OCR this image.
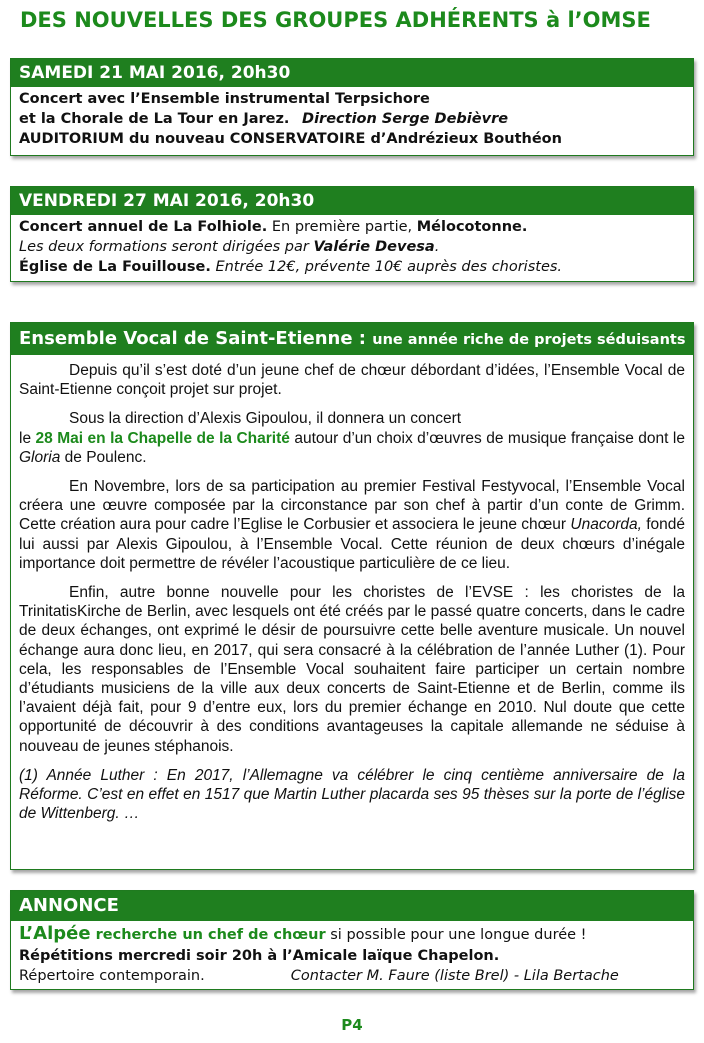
DES NOUVELLES DES GROUPES ADHÉRENTS à l’OMSE
SAMEDI 21 MAI 2016, 20h30
Concert avec l’Ensemble instrumental Terpsichore
et la Chorale de La Tour en Jarez. Direction Serge Debièvre
AUDITORIUM du nouveau CONSERVATOIRE d’Andrézieux Bouthéon
VENDREDI 27 MAI 2016, 20h30
Concert annuel de La Folhiole. En première partie, Mélocotonne.
Les deux formations seront dirigées par Valérie Devesa.
Église de La Fouillouse. Entrée 12€, prévente 10€ auprès des choristes.
Ensemble Vocal de Saint-Etienne : une année riche de projets séduisants

Depuis qu’il s’est doté d’un jeune chef de chœur débordant d’idées, l’Ensemble Vocal de Saint-Etienne conçoit projet sur projet.

Sous la direction d’Alexis Gipoulou, il donnera un concert
le 28 Mai en la Chapelle de la Charité autour d’un choix d’œuvres de musique française dont le Gloria de Poulenc.

En Novembre, lors de sa participation au premier Festival Festyvocal, l’Ensemble Vocal créera une œuvre composée par la circonstance par son chef à partir d’un conte de Grimm. Cette création aura pour cadre l’Eglise le Corbusier et associera le jeune chœur Unacorda, fondé lui aussi par Alexis Gipoulou, à l’Ensemble Vocal. Cette réunion de deux chœurs d’inégale importance doit permettre de révéler l’acoustique particulière de ce lieu.

Enfin, autre bonne nouvelle pour les choristes de l’EVSE : les choristes de la TrinitatisKirche de Berlin, avec lesquels ont été créés par le passé quatre concerts, dans le cadre de deux échanges, ont exprimé le désir de poursuivre cette belle aventure musicale. Un nouvel échange aura donc lieu, en 2017, qui sera consacré à la célébration de l’année Luther (1). Pour cela, les responsables de l’Ensemble Vocal souhaitent faire participer un certain nombre d’étudiants musiciens de la ville aux deux concerts de Saint-Etienne et de Berlin, comme ils l’avaient déjà fait, pour 9 d’entre eux, lors du premier échange en 2010. Nul doute que cette opportunité de découvrir à des conditions avantageuses la capitale allemande ne séduise à nouveau de jeunes stéphanois.

(1) Année Luther : En 2017, l’Allemagne va célébrer le cinq centième anniversaire de la Réforme. C’est en effet en 1517 que Martin Luther placarda ses 95 thèses sur la porte de l’église de Wittenberg. …

ANNONCE
L’Alpée recherche un chef de chœur si possible pour une longue durée !
Répétitions mercredi soir 20h à l’Amicale laïque Chapelon.
Répertoire contemporain.	Contacter M. Faure (liste Brel) - Lila Bertache
P4
